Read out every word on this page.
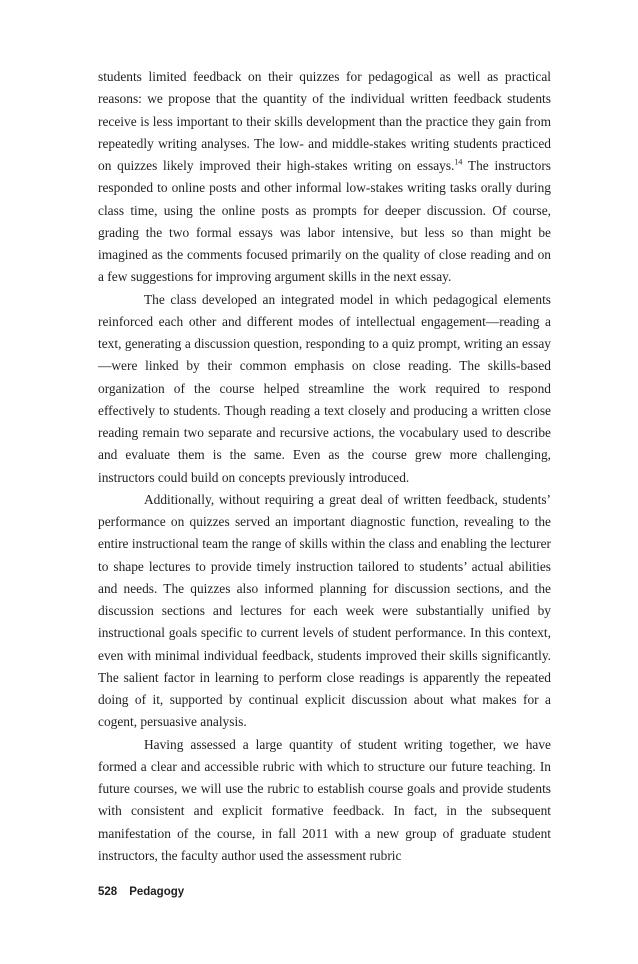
students limited feedback on their quizzes for pedagogical as well as practical reasons: we propose that the quantity of the individual written feedback students receive is less important to their skills development than the practice they gain from repeatedly writing analyses. The low- and middle-stakes writing students practiced on quizzes likely improved their high-stakes writing on essays.$^{14}$ The instructors responded to online posts and other informal low-stakes writing tasks orally during class time, using the online posts as prompts for deeper discussion. Of course, grading the two formal essays was labor intensive, but less so than might be imagined as the comments focused primarily on the quality of close reading and on a few suggestions for improving argument skills in the next essay.

The class developed an integrated model in which pedagogical elements reinforced each other and different modes of intellectual engagement—reading a text, generating a discussion question, responding to a quiz prompt, writing an essay—were linked by their common emphasis on close reading. The skills-based organization of the course helped streamline the work required to respond effectively to students. Though reading a text closely and producing a written close reading remain two separate and recursive actions, the vocabulary used to describe and evaluate them is the same. Even as the course grew more challenging, instructors could build on concepts previously introduced.

Additionally, without requiring a great deal of written feedback, students’ performance on quizzes served an important diagnostic function, revealing to the entire instructional team the range of skills within the class and enabling the lecturer to shape lectures to provide timely instruction tailored to students’ actual abilities and needs. The quizzes also informed planning for discussion sections, and the discussion sections and lectures for each week were substantially unified by instructional goals specific to current levels of student performance. In this context, even with minimal individual feedback, students improved their skills significantly. The salient factor in learning to perform close readings is apparently the repeated doing of it, supported by continual explicit discussion about what makes for a cogent, persuasive analysis.

Having assessed a large quantity of student writing together, we have formed a clear and accessible rubric with which to structure our future teaching. In future courses, we will use the rubric to establish course goals and provide students with consistent and explicit formative feedback. In fact, in the subsequent manifestation of the course, in fall 2011 with a new group of graduate student instructors, the faculty author used the assessment rubric

528 Pedagogy
